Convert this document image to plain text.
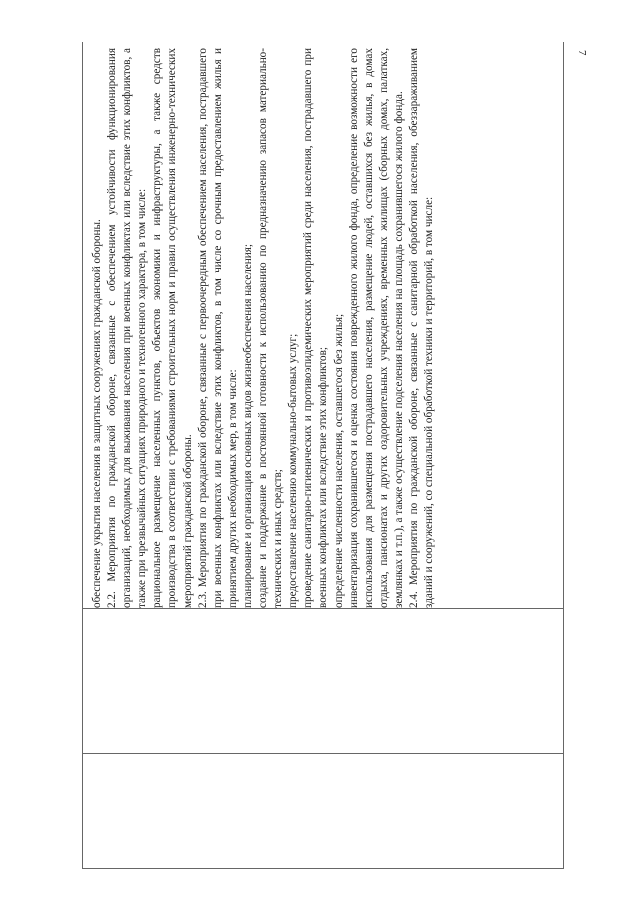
7
обеспечение укрытия населения в защитных сооружениях гражданской обороны. 2.2. Мероприятия по гражданской обороне, связанные с обеспечением устойчивости функционирования организаций, необходимых для выживания населения при военных конфликтах или вследствие этих конфликтов, а также при чрезвычайных ситуациях природного и техногенного характера, в том числе: рациональное размещение населенных пунктов, объектов экономики и инфраструктуры, а также средств производства в соответствии с требованиями строительных норм и правил осуществления инженерно-технических мероприятий гражданской обороны. 2.3. Мероприятия по гражданской обороне, связанные с первоочередным обеспечением населения, пострадавшего при военных конфликтах или вследствие этих конфликтов, в том числе со срочным предоставлением жилья и принятием других необходимых мер, в том числе: планирование и организация основных видов жизнеобеспечения населения; создание и поддержание в постоянной готовности к использованию по предназначению запасов материально-технических и иных средств; предоставление населению коммунально-бытовых услуг; проведение санитарно-гигиенических и противоэпидемических мероприятий среди населения, пострадавшего при военных конфликтах или вследствие этих конфликтов; определение численности населения, оставшегося без жилья; инвентаризация сохранившегося и оценка состояния поврежденного жилого фонда, определение возможности его использования для размещения пострадавшего населения, размещение людей, оставшихся без жилья, в домах отдыха, пансионатах и других оздоровительных учреждениях, временных жилищах (сборных домах, палатках, землянках и т.п.), а также осуществление подселения населения на площадь сохранившегося жилого фонда. 2.4. Мероприятия по гражданской обороне, связанные с санитарной обработкой населения, обеззараживанием зданий и сооружений, со специальной обработкой техники и территорий, в том числе:
